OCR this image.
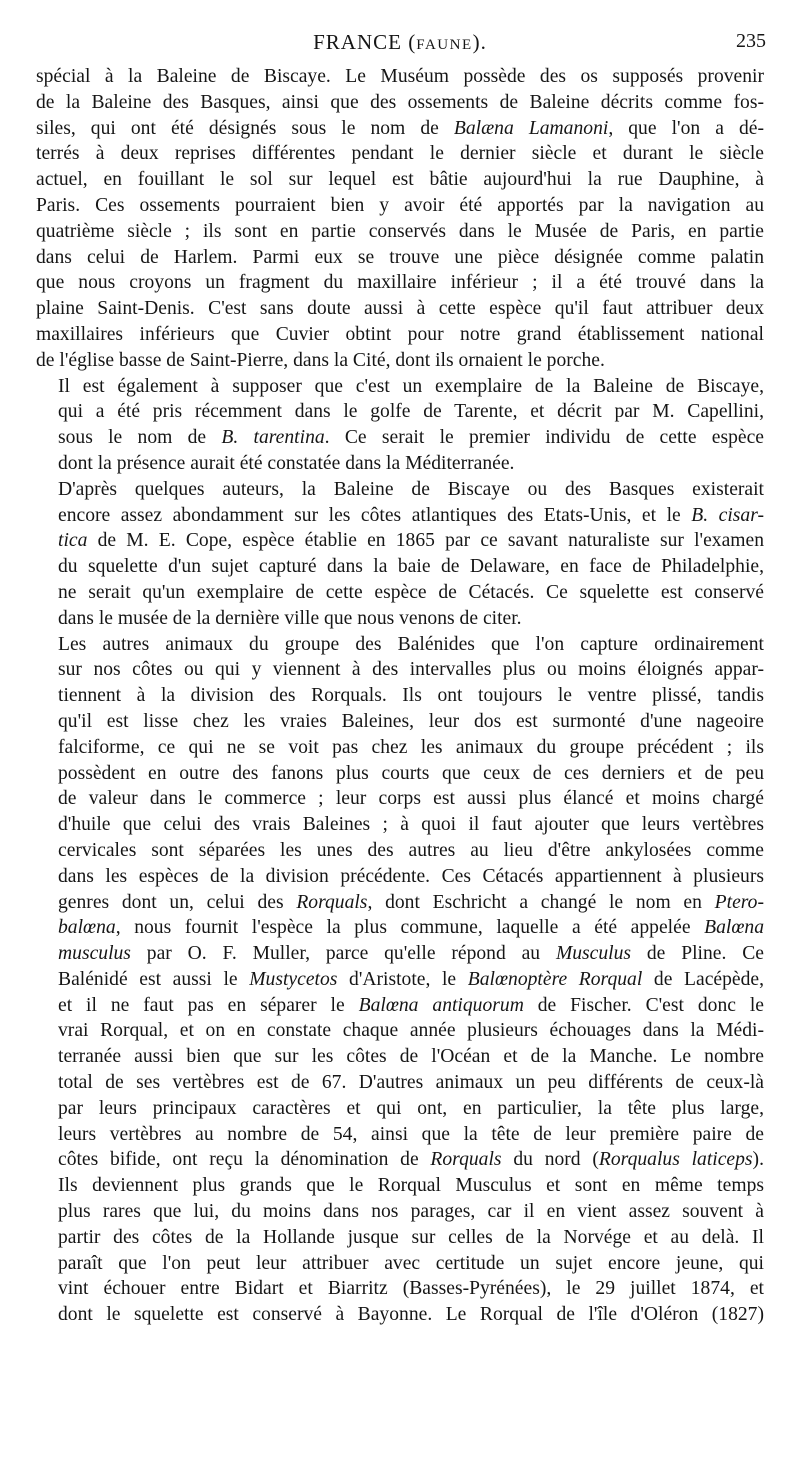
FRANCE (FAUNE).	235

spécial à la Baleine de Biscaye. Le Muséum possède des os supposés provenir
de la Baleine des Basques, ainsi que des ossements de Baleine décrits comme fos-
siles, qui ont été désignés sous le nom de Balæna Lamanoni, que l'on a dé-
terrés à deux reprises différentes pendant le dernier siècle et durant le siècle
actuel, en fouillant le sol sur lequel est bâtie aujourd'hui la rue Dauphine, à
Paris. Ces ossements pourraient bien y avoir été apportés par la navigation au
quatrième siècle ; ils sont en partie conservés dans le Musée de Paris, en partie
dans celui de Harlem. Parmi eux se trouve une pièce désignée comme palatin
que nous croyons un fragment du maxillaire inférieur ; il a été trouvé dans la
plaine Saint-Denis. C'est sans doute aussi à cette espèce qu'il faut attribuer deux
maxillaires inférieurs que Cuvier obtint pour notre grand établissement national
de l'église basse de Saint-Pierre, dans la Cité, dont ils ornaient le porche.

Il est également à supposer que c'est un exemplaire de la Baleine de Biscaye,
qui a été pris récemment dans le golfe de Tarente, et décrit par M. Capellini,
sous le nom de B. tarentina. Ce serait le premier individu de cette espèce
dont la présence aurait été constatée dans la Méditerranée.

D'après quelques auteurs, la Baleine de Biscaye ou des Basques existerait
encore assez abondamment sur les côtes atlantiques des Etats-Unis, et le B. cisar-
tica de M. E. Cope, espèce établie en 1865 par ce savant naturaliste sur l'examen
du squelette d'un sujet capturé dans la baie de Delaware, en face de Philadelphie,
ne serait qu'un exemplaire de cette espèce de Cétacés. Ce squelette est conservé
dans le musée de la dernière ville que nous venons de citer.

Les autres animaux du groupe des Balénides que l'on capture ordinairement
sur nos côtes ou qui y viennent à des intervalles plus ou moins éloignés appar-
tiennent à la division des Rorquals. Ils ont toujours le ventre plissé, tandis
qu'il est lisse chez les vraies Baleines, leur dos est surmonté d'une nageoire
falciforme, ce qui ne se voit pas chez les animaux du groupe précédent ; ils
possèdent en outre des fanons plus courts que ceux de ces derniers et de peu
de valeur dans le commerce ; leur corps est aussi plus élancé et moins chargé
d'huile que celui des vrais Baleines ; à quoi il faut ajouter que leurs vertèbres
cervicales sont séparées les unes des autres au lieu d'être ankylosées comme
dans les espèces de la division précédente. Ces Cétacés appartiennent à plusieurs
genres dont un, celui des Rorquals, dont Eschricht a changé le nom en Ptero-
balœna, nous fournit l'espèce la plus commune, laquelle a été appelée Balœna
musculus par O. F. Muller, parce qu'elle répond au Musculus de Pline. Ce
Balénidé est aussi le Mustycetos d'Aristote, le Balœnoptère Rorqual de Lacépède,
et il ne faut pas en séparer le Balœna antiquorum de Fischer. C'est donc le
vrai Rorqual, et on en constate chaque année plusieurs échouages dans la Médi-
terranée aussi bien que sur les côtes de l'Océan et de la Manche. Le nombre
total de ses vertèbres est de 67. D'autres animaux un peu différents de ceux-là
par leurs principaux caractères et qui ont, en particulier, la tête plus large,
leurs vertèbres au nombre de 54, ainsi que la tête de leur première paire de
côtes bifide, ont reçu la dénomination de Rorquals du nord (Rorqualus laticeps).
Ils deviennent plus grands que le Rorqual Musculus et sont en même temps
plus rares que lui, du moins dans nos parages, car il en vient assez souvent à
partir des côtes de la Hollande jusque sur celles de la Norvége et au delà. Il
paraît que l'on peut leur attribuer avec certitude un sujet encore jeune, qui
vint échouer entre Bidart et Biarritz (Basses-Pyrénées), le 29 juillet 1874, et
dont le squelette est conservé à Bayonne. Le Rorqual de l'île d'Oléron (1827)
